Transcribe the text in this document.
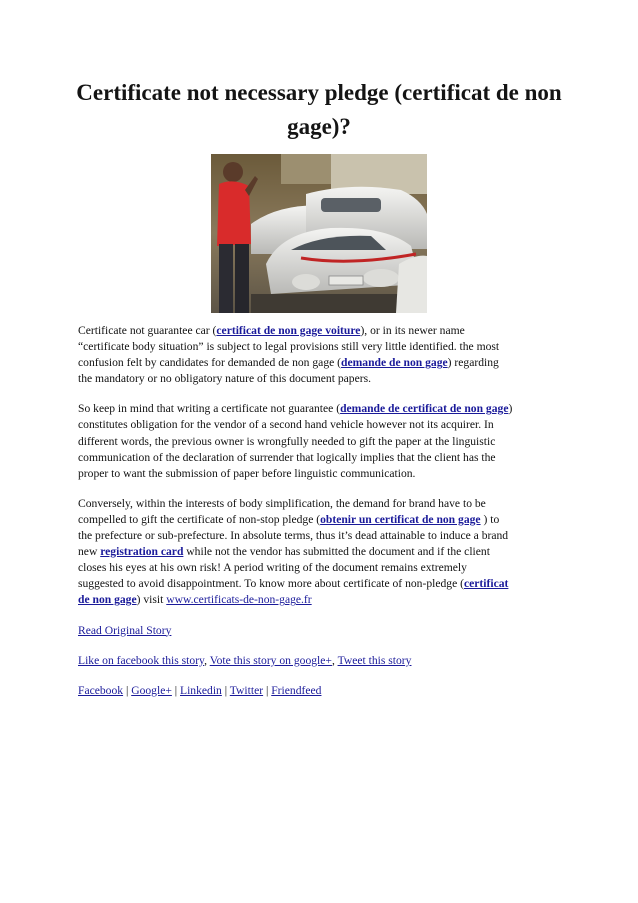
Certificate not necessary pledge (certificat de non gage)?

Certificate not guarantee car (certificat de non gage voiture), or in its newer name
“certificate body situation” is subject to legal provisions still very little identified. the most
confusion felt by candidates for demanded de non gage (demande de non gage) regarding
the mandatory or no obligatory nature of this document papers.

So keep in mind that writing a certificate not guarantee (demande de certificat de non gage)
constitutes obligation for the vendor of a second hand vehicle however not its acquirer. In
different words, the previous owner is wrongfully needed to gift the paper at the linguistic
communication of the declaration of surrender that logically implies that the client has the
proper to want the submission of paper before linguistic communication.

Conversely, within the interests of body simplification, the demand for brand have to be
compelled to gift the certificate of non-stop pledge (obtenir un certificat de non gage ) to
the prefecture or sub-prefecture. In absolute terms, thus it’s dead attainable to induce a brand
new registration card while not the vendor has submitted the document and if the client
closes his eyes at his own risk! A period writing of the document remains extremely
suggested to avoid disappointment. To know more about certificate of non-pledge (certificat
de non gage) visit www.certificats-de-non-gage.fr

Read Original Story

Like on facebook this story, Vote this story on google+, Tweet this story

Facebook | Google+ | Linkedin | Twitter | Friendfeed
